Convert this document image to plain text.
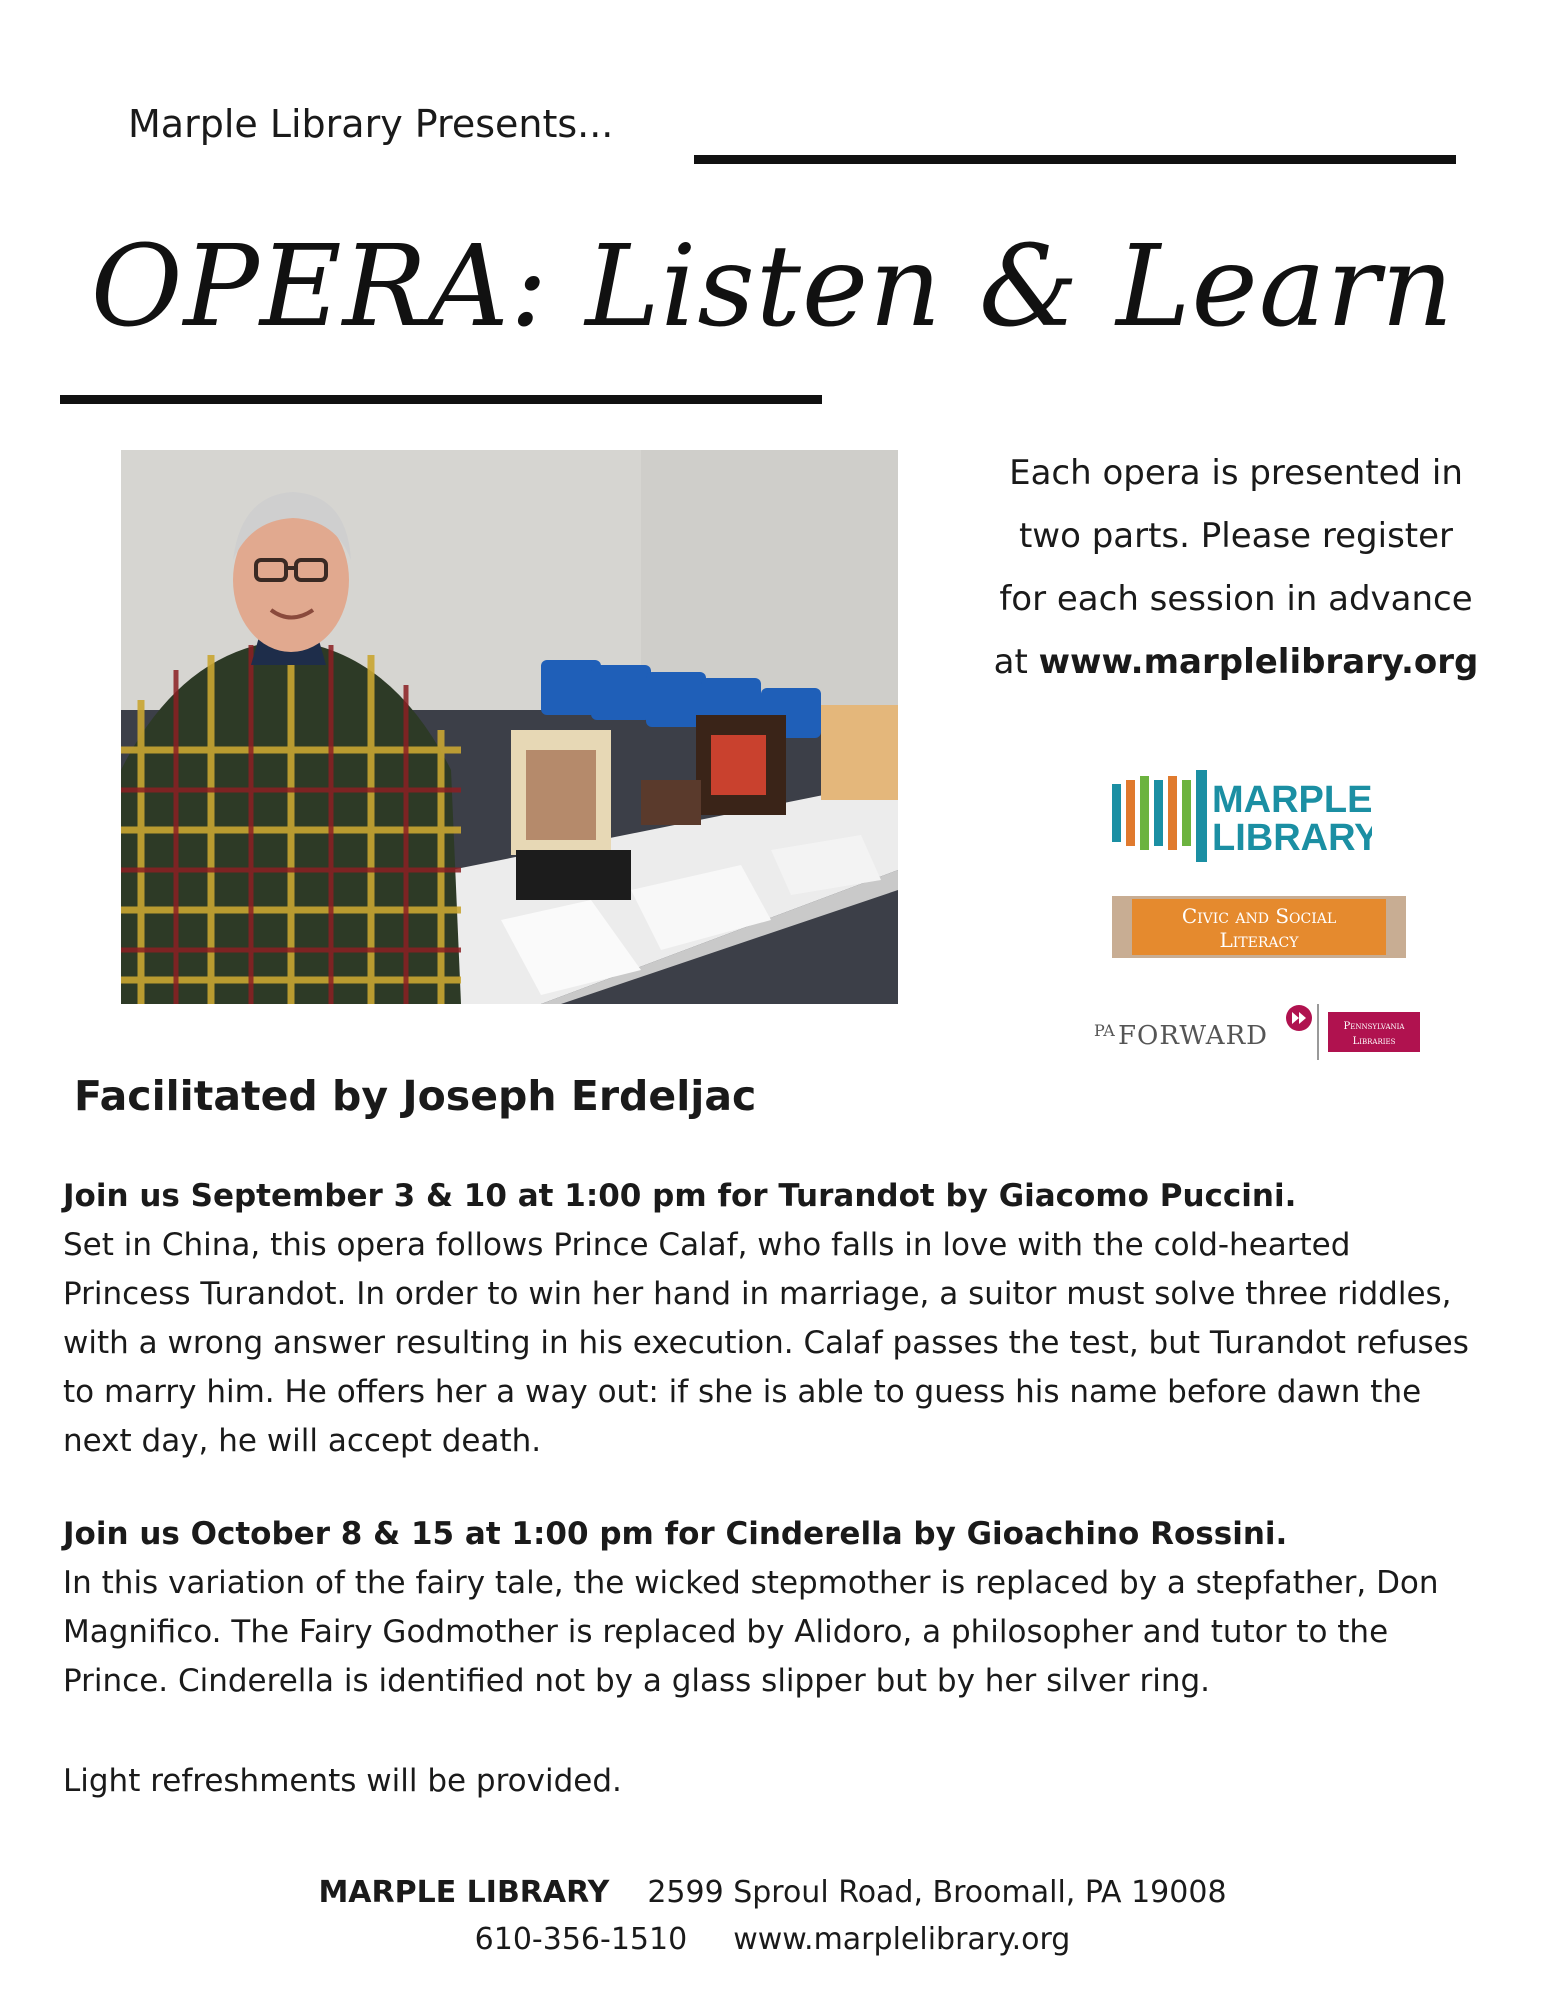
Marple Library Presents...
OPERA: Listen & Learn
Each opera is presented in
two parts. Please register
for each session in advance
at www.marplelibrary.org
MARPLE
LIBRARY
Civic and Social
Literacy
PA FORWARD	Pennsylvania
Libraries
Facilitated by Joseph Erdeljac
Join us September 3 & 10 at 1:00 pm for Turandot by Giacomo Puccini.
Set in China, this opera follows Prince Calaf, who falls in love with the cold-hearted Princess Turandot. In order to win her hand in marriage, a suitor must solve three riddles, with a wrong answer resulting in his execution. Calaf passes the test, but Turandot refuses to marry him. He offers her a way out: if she is able to guess his name before dawn the next day, he will accept death.
Join us October 8 & 15 at 1:00 pm for Cinderella by Gioachino Rossini.
In this variation of the fairy tale, the wicked stepmother is replaced by a stepfather, Don Magnifico. The Fairy Godmother is replaced by Alidoro, a philosopher and tutor to the Prince. Cinderella is identified not by a glass slipper but by her silver ring.
Light refreshments will be provided.
MARPLE LIBRARY 2599 Sproul Road, Broomall, PA 19008
610-356-1510 www.marplelibrary.org
